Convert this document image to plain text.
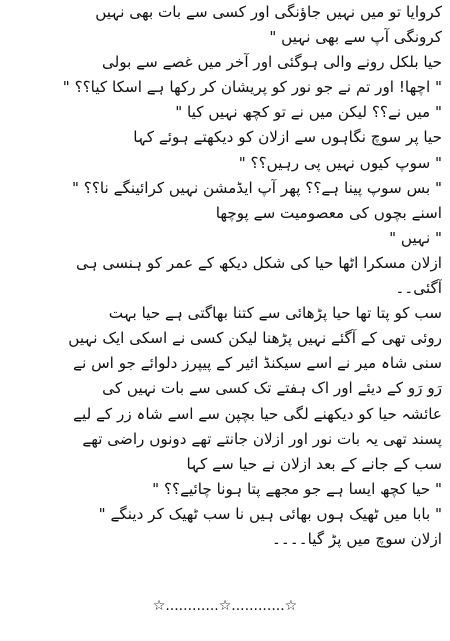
کروایا تو میں نہیں جاؤنگی اور کسی سے بات بھی نہیں
کرونگی آپ سے بھی نہیں "
حیا بلکل رونے والی ہوگئی اور آخر میں غصے سے بولی
" اچھا! اور تم نے جو نور کو پریشان کر رکھا ہے اسکا کیا؟؟ "
" میں نے؟؟ لیکن میں نے تو کچھ نہیں کیا "
حیا پر سوچ نگاہوں سے ازلان کو دیکھتے ہوئے کہا
" سوپ کیوں نہیں پی رہیں؟؟ "
" بس سوپ پینا ہے؟؟ پھر آپ ایڈمشن نہیں کرائینگے نا؟؟ "
اسنے بچوں کی معصومیت سے پوچھا
" نہیں "
ازلان مسکرا اٹھا حیا کی شکل دیکھ کے عمر کو ہنسی ہی
آگئی۔۔
سب کو پتا تھا حیا پڑھائی سے کتنا بھاگتی ہے حیا بہت
روئی تھی کے آگئے نہیں پڑھنا لیکن کسی نے اسکی ایک نہیں
سنی شاہ میر نے اسے سیکنڈ ائیر کے پیپرز دلوائے جو اس نے
رَو رَو کے دیئے اور اک ہفتے تک کسی سے بات نہیں کی
عائشہ حیا کو دیکھنے لگی حیا بچپن سے اسے شاہ زر کے لیے
پسند تھی یہ بات نور اور ازلان جانتے تھے دونوں راضی تھے
سب کے جانے کے بعد ازلان نے حیا سے کہا
" حیا کچھ ایسا ہے جو مجھے پتا ہونا چائیے؟؟ "
" بابا میں ٹھیک ہوں بھائی ہیں نا سب ٹھیک کر دینگے "
ازلان سوچ میں پڑ گیا۔۔۔۔
☆............☆............☆
